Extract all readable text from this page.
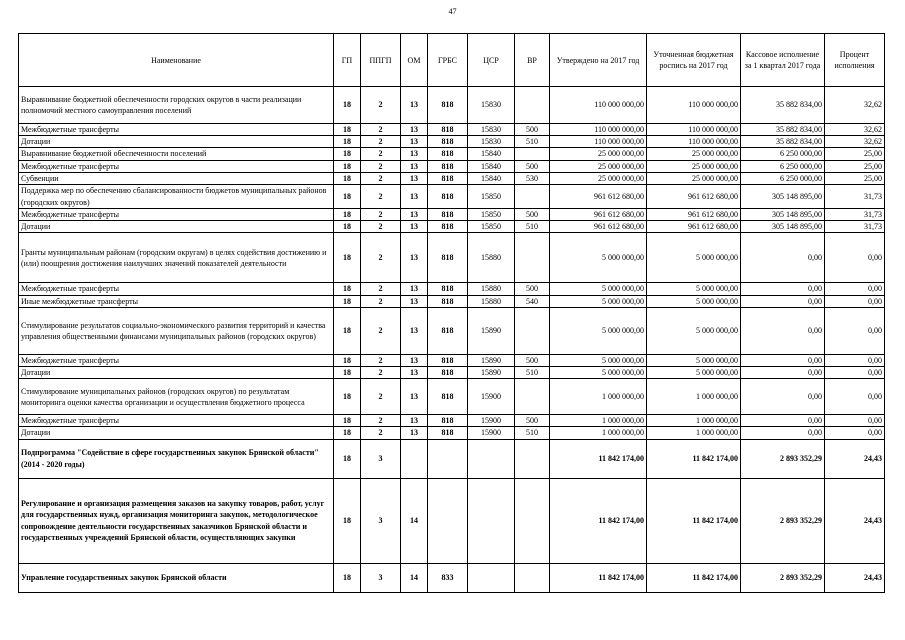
47
Наименование	ГП	ППГП	ОМ	ГРБС	ЦСР	ВР	Утверждено на 2017 год	Уточненная бюджетная роспись на 2017 год	Кассовое исполнение за 1 квартал 2017 года	Процент исполнения
Выравнивание бюджетной обеспеченности городских округов в части реализации полномочий местного самоуправления поселений	18	2	13	818	15830		110 000 000,00	110 000 000,00	35 882 834,00	32,62
Межбюджетные трансферты	18	2	13	818	15830	500	110 000 000,00	110 000 000,00	35 882 834,00	32,62
Дотации	18	2	13	818	15830	510	110 000 000,00	110 000 000,00	35 882 834,00	32,62
Выравнивание бюджетной обеспеченности поселений	18	2	13	818	15840		25 000 000,00	25 000 000,00	6 250 000,00	25,00
Межбюджетные трансферты	18	2	13	818	15840	500	25 000 000,00	25 000 000,00	6 250 000,00	25,00
Субвенции	18	2	13	818	15840	530	25 000 000,00	25 000 000,00	6 250 000,00	25,00
Поддержка мер по обеспечению сбалансированности бюджетов муниципальных районов (городских округов)	18	2	13	818	15850		961 612 680,00	961 612 680,00	305 148 895,00	31,73
Межбюджетные трансферты	18	2	13	818	15850	500	961 612 680,00	961 612 680,00	305 148 895,00	31,73
Дотации	18	2	13	818	15850	510	961 612 680,00	961 612 680,00	305 148 895,00	31,73
Гранты муниципальным районам (городским округам) в целях содействия достижению и (или) поощрения достижения наилучших значений показателей деятельности	18	2	13	818	15880		5 000 000,00	5 000 000,00	0,00	0,00
Межбюджетные трансферты	18	2	13	818	15880	500	5 000 000,00	5 000 000,00	0,00	0,00
Иные межбюджетные трансферты	18	2	13	818	15880	540	5 000 000,00	5 000 000,00	0,00	0,00
Стимулирование результатов социально-экономического развития территорий и качества управления общественными финансами муниципальных районов (городских округов)	18	2	13	818	15890		5 000 000,00	5 000 000,00	0,00	0,00
Межбюджетные трансферты	18	2	13	818	15890	500	5 000 000,00	5 000 000,00	0,00	0,00
Дотации	18	2	13	818	15890	510	5 000 000,00	5 000 000,00	0,00	0,00
Стимулирование муниципальных районов (городских округов) по результатам мониторинга оценки качества организации и осуществления бюджетного процесса	18	2	13	818	15900		1 000 000,00	1 000 000,00	0,00	0,00
Межбюджетные трансферты	18	2	13	818	15900	500	1 000 000,00	1 000 000,00	0,00	0,00
Дотации	18	2	13	818	15900	510	1 000 000,00	1 000 000,00	0,00	0,00
Подпрограмма "Содействие в сфере государственных закупок Брянской области" (2014 - 2020 годы)	18	3					11 842 174,00	11 842 174,00	2 893 352,29	24,43
Регулирование и организация размещения заказов на закупку товаров, работ, услуг для государственных нужд, организация мониторинга закупок, методологическое сопровождение деятельности государственных заказчиков Брянской области и государственных учреждений Брянской области, осуществляющих закупки	18	3	14				11 842 174,00	11 842 174,00	2 893 352,29	24,43
Управление государственных закупок Брянской области	18	3	14	833			11 842 174,00	11 842 174,00	2 893 352,29	24,43
